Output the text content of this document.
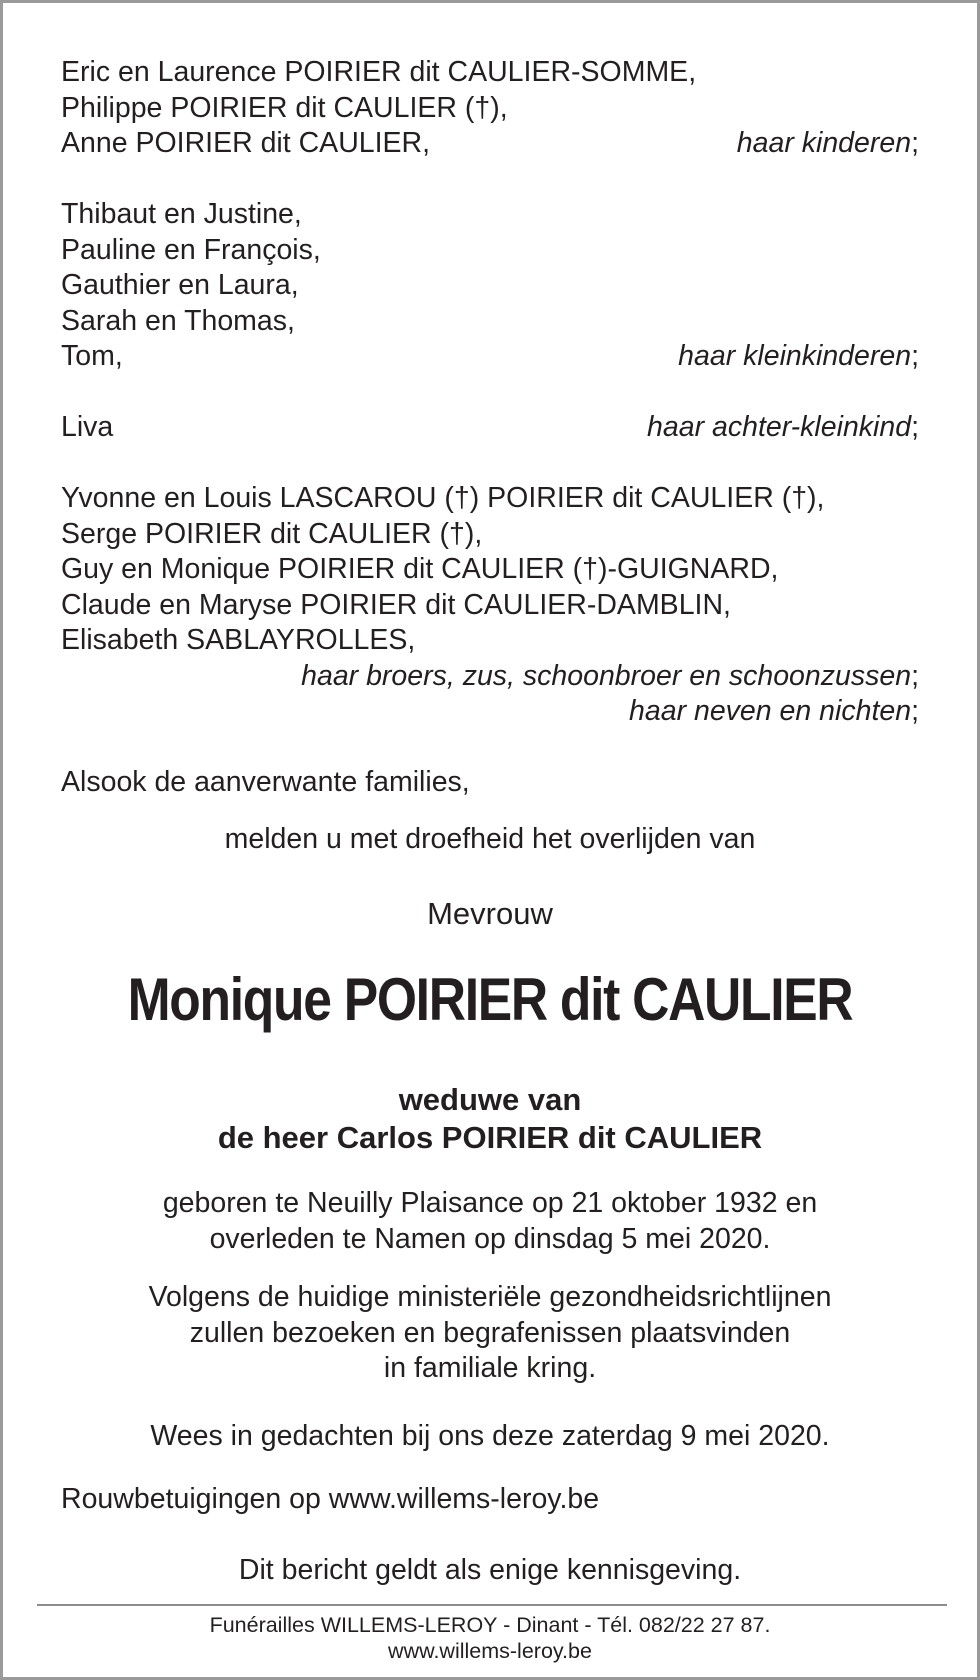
Eric en Laurence POIRIER dit CAULIER-SOMME,
Philippe POIRIER dit CAULIER (†),
Anne POIRIER dit CAULIER,	haar kinderen;
Thibaut en Justine,
Pauline en François,
Gauthier en Laura,
Sarah en Thomas,
Tom,	haar kleinkinderen;
Liva	haar achter-kleinkind;
Yvonne en Louis LASCAROU (†) POIRIER dit CAULIER (†),
Serge POIRIER dit CAULIER (†),
Guy en Monique POIRIER dit CAULIER (†)-GUIGNARD,
Claude en Maryse POIRIER dit CAULIER-DAMBLIN,
Elisabeth SABLAYROLLES,
haar broers, zus, schoonbroer en schoonzussen;
haar neven en nichten;
Alsook de aanverwante families,
melden u met droefheid het overlijden van
Mevrouw
Monique POIRIER dit CAULIER
weduwe van
de heer Carlos POIRIER dit CAULIER
geboren te Neuilly Plaisance op 21 oktober 1932 en
overleden te Namen op dinsdag 5 mei 2020.
Volgens de huidige ministeriële gezondheidsrichtlijnen
zullen bezoeken en begrafenissen plaatsvinden
in familiale kring.
Wees in gedachten bij ons deze zaterdag 9 mei 2020.
Rouwbetuigingen op www.willems-leroy.be
Dit bericht geldt als enige kennisgeving.
Funérailles WILLEMS-LEROY - Dinant - Tél. 082/22 27 87.
www.willems-leroy.be
